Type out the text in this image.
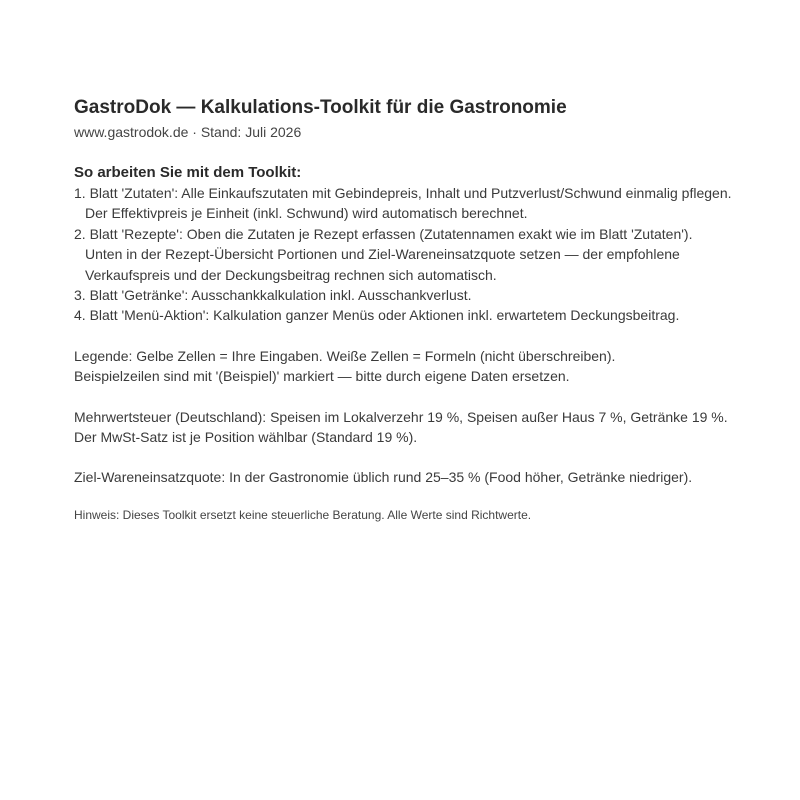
GastroDok — Kalkulations-Toolkit für die Gastronomie
www.gastrodok.de · Stand: Juli 2026
So arbeiten Sie mit dem Toolkit:
1. Blatt 'Zutaten': Alle Einkaufszutaten mit Gebindepreis, Inhalt und Putzverlust/Schwund einmalig pflegen.
Der Effektivpreis je Einheit (inkl. Schwund) wird automatisch berechnet.
2. Blatt 'Rezepte': Oben die Zutaten je Rezept erfassen (Zutatennamen exakt wie im Blatt 'Zutaten').
Unten in der Rezept-Übersicht Portionen und Ziel-Wareneinsatzquote setzen — der empfohlene
Verkaufspreis und der Deckungsbeitrag rechnen sich automatisch.
3. Blatt 'Getränke': Ausschankkalkulation inkl. Ausschankverlust.
4. Blatt 'Menü-Aktion': Kalkulation ganzer Menüs oder Aktionen inkl. erwartetem Deckungsbeitrag.
Legende: Gelbe Zellen = Ihre Eingaben. Weiße Zellen = Formeln (nicht überschreiben).
Beispielzeilen sind mit '(Beispiel)' markiert — bitte durch eigene Daten ersetzen.
Mehrwertsteuer (Deutschland): Speisen im Lokalverzehr 19 %, Speisen außer Haus 7 %, Getränke 19 %.
Der MwSt-Satz ist je Position wählbar (Standard 19 %).
Ziel-Wareneinsatzquote: In der Gastronomie üblich rund 25–35 % (Food höher, Getränke niedriger).
Hinweis: Dieses Toolkit ersetzt keine steuerliche Beratung. Alle Werte sind Richtwerte.
